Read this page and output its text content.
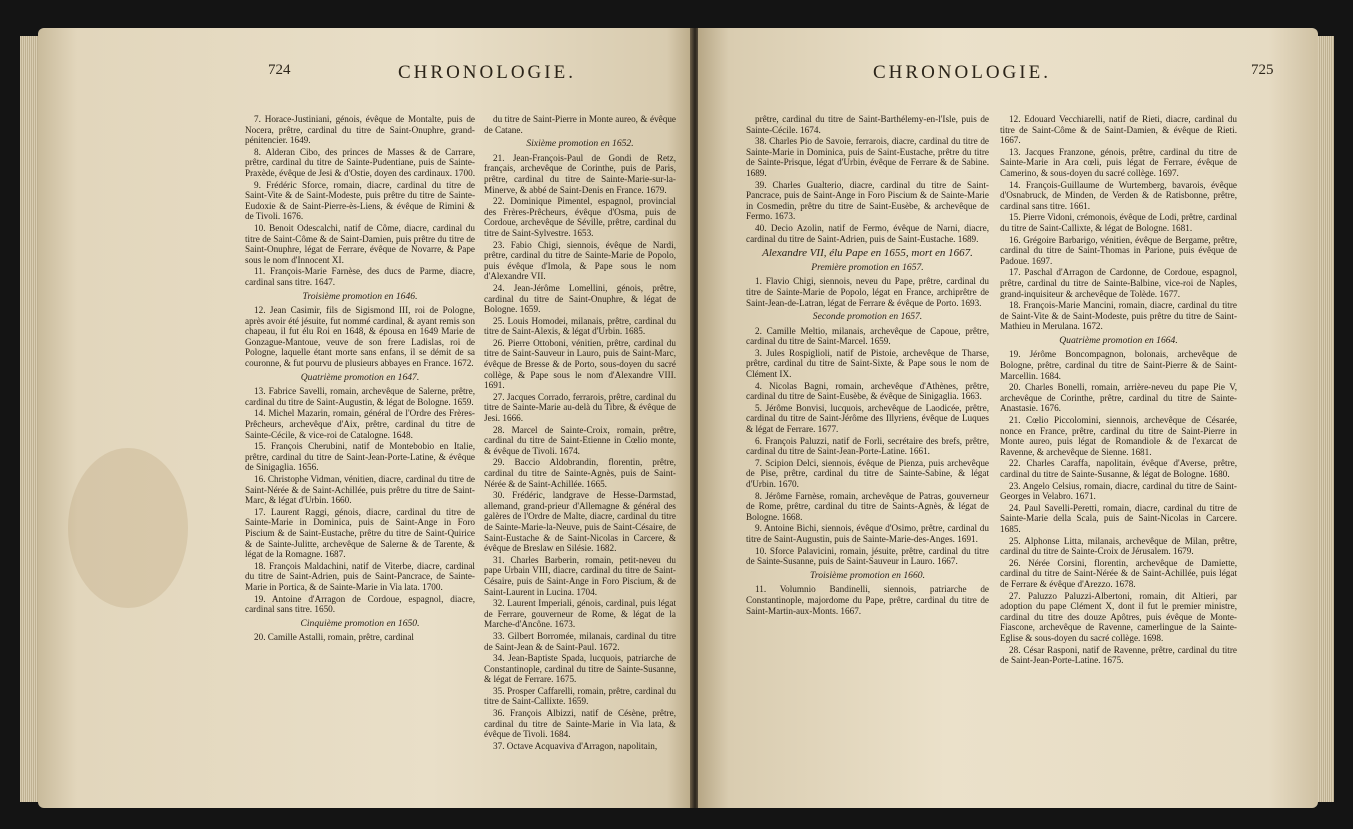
724	CHRONOLOGIE.

7. Horace-Justiniani, génois, évêque de Montalte, puis de Nocera, prêtre, cardinal du titre de Saint-Onuphre, grand-pénitencier. 1649.

8. Alderan Cibo, des princes de Masses & de Carrare, prêtre, cardinal du titre de Sainte-Pudentiane, puis de Sainte-Praxède, évêque de Jesi & d'Ostie, doyen des cardinaux. 1700.

9. Frédéric Sforce, romain, diacre, cardinal du titre de Saint-Vite & de Saint-Modeste, puis prêtre du titre de Sainte-Eudoxie & de Saint-Pierre-ès-Liens, & évêque de Rimini & de Tivoli. 1676.

10. Benoit Odescalchi, natif de Côme, diacre, cardinal du titre de Saint-Côme & de Saint-Damien, puis prêtre du titre de Saint-Onuphre, légat de Ferrare, évêque de Novarre, & Pape sous le nom d'Innocent XI.

11. François-Marie Farnèse, des ducs de Parme, diacre, cardinal sans titre. 1647.

Troisième promotion en 1646.

12. Jean Casimir, fils de Sigismond III, roi de Pologne, après avoir été jésuite, fut nommé cardinal, & ayant remis son chapeau, il fut élu Roi en 1648, & épousa en 1649 Marie de Gonzague-Mantoue, veuve de son frere Ladislas, roi de Pologne, laquelle étant morte sans enfans, il se démit de sa couronne, & fut pourvu de plusieurs abbayes en France. 1672.

Quatrième promotion en 1647.

13. Fabrice Savelli, romain, archevêque de Salerne, prêtre, cardinal du titre de Saint-Augustin, & légat de Bologne. 1659.

14. Michel Mazarin, romain, général de l'Ordre des Frères-Prêcheurs, archevêque d'Aix, prêtre, cardinal du titre de Sainte-Cécile, & vice-roi de Catalogne. 1648.

15. François Cherubini, natif de Montebobio en Italie, prêtre, cardinal du titre de Saint-Jean-Porte-Latine, & évêque de Sinigaglia. 1656.

16. Christophe Vidman, vénitien, diacre, cardinal du titre de Saint-Nérée & de Saint-Achillée, puis prêtre du titre de Saint-Marc, & légat d'Urbin. 1660.

17. Laurent Raggi, génois, diacre, cardinal du titre de Sainte-Marie in Dominica, puis de Saint-Ange in Foro Piscium & de Saint-Eustache, prêtre du titre de Saint-Quirice & de Sainte-Julitte, archevêque de Salerne & de Tarente, & légat de la Romagne. 1687.

18. François Maldachini, natif de Viterbe, diacre, cardinal du titre de Saint-Adrien, puis de Saint-Pancrace, de Sainte-Marie in Portica, & de Sainte-Marie in Via lata. 1700.

19. Antoine d'Arragon de Cordoue, espagnol, diacre, cardinal sans titre. 1650.

Cinquième promotion en 1650.

20. Camille Astalli, romain, prêtre, cardinal

du titre de Saint-Pierre in Monte aureo, & évêque de Catane.

Sixième promotion en 1652.

21. Jean-François-Paul de Gondi de Retz, français, archevêque de Corinthe, puis de Paris, prêtre, cardinal du titre de Sainte-Marie-sur-la-Minerve, & abbé de Saint-Denis en France. 1679.

22. Dominique Pimentel, espagnol, provincial des Frères-Prêcheurs, évêque d'Osma, puis de Cordoue, archevêque de Séville, prêtre, cardinal du titre de Saint-Sylvestre. 1653.

23. Fabio Chigi, siennois, évêque de Nardi, prêtre, cardinal du titre de Sainte-Marie de Popolo, puis évêque d'Imola, & Pape sous le nom d'Alexandre VII.

24. Jean-Jérôme Lomellini, génois, prêtre, cardinal du titre de Saint-Onuphre, & légat de Bologne. 1659.

25. Louis Homodei, milanais, prêtre, cardinal du titre de Saint-Alexis, & légat d'Urbin. 1685.

26. Pierre Ottoboni, vénitien, prêtre, cardinal du titre de Saint-Sauveur in Lauro, puis de Saint-Marc, évêque de Bresse & de Porto, sous-doyen du sacré collège, & Pape sous le nom d'Alexandre VIII. 1691.

27. Jacques Corrado, ferrarois, prêtre, cardinal du titre de Sainte-Marie au-delà du Tibre, & évêque de Jesi. 1666.

28. Marcel de Sainte-Croix, romain, prêtre, cardinal du titre de Saint-Etienne in Cœlio monte, & évêque de Tivoli. 1674.

29. Baccio Aldobrandin, florentin, prêtre, cardinal du titre de Sainte-Agnès, puis de Saint-Nérée & de Saint-Achillée. 1665.

30. Frédéric, landgrave de Hesse-Darmstad, allemand, grand-prieur d'Allemagne & général des galères de l'Ordre de Malte, diacre, cardinal du titre de Sainte-Marie-la-Neuve, puis de Saint-Césaire, de Saint-Eustache & de Saint-Nicolas in Carcere, & évêque de Breslaw en Silésie. 1682.

31. Charles Barberin, romain, petit-neveu du pape Urbain VIII, diacre, cardinal du titre de Saint-Césaire, puis de Saint-Ange in Foro Piscium, & de Saint-Laurent in Lucina. 1704.

32. Laurent Imperiali, génois, cardinal, puis légat de Ferrare, gouverneur de Rome, & légat de la Marche-d'Ancône. 1673.

33. Gilbert Borromée, milanais, cardinal du titre de Saint-Jean & de Saint-Paul. 1672.

34. Jean-Baptiste Spada, lucquois, patriarche de Constantinople, cardinal du titre de Sainte-Susanne, & légat de Ferrare. 1675.

35. Prosper Caffarelli, romain, prêtre, cardinal du titre de Saint-Callixte. 1659.

36. François Albizzi, natif de Césène, prêtre, cardinal du titre de Sainte-Marie in Via lata, & évêque de Tivoli. 1684.

37. Octave Acquaviva d'Arragon, napolitain,

CHRONOLOGIE.	725

prêtre, cardinal du titre de Saint-Barthélemy-en-l'Isle, puis de Sainte-Cécile. 1674.

38. Charles Pio de Savoie, ferrarois, diacre, cardinal du titre de Sainte-Marie in Dominica, puis de Saint-Eustache, prêtre du titre de Sainte-Prisque, légat d'Urbin, évêque de Ferrare & de Sabine. 1689.

39. Charles Gualterio, diacre, cardinal du titre de Saint-Pancrace, puis de Saint-Ange in Foro Piscium & de Sainte-Marie in Cosmedin, prêtre du titre de Saint-Eusèbe, & archevêque de Fermo. 1673.

40. Decio Azolin, natif de Fermo, évêque de Narni, diacre, cardinal du titre de Saint-Adrien, puis de Saint-Eustache. 1689.

Alexandre VII, élu Pape en 1655, mort en 1667.

Première promotion en 1657.

1. Flavio Chigi, siennois, neveu du Pape, prêtre, cardinal du titre de Sainte-Marie de Popolo, légat en France, archiprêtre de Saint-Jean-de-Latran, légat de Ferrare & évêque de Porto. 1693.

Seconde promotion en 1657.

2. Camille Meltio, milanais, archevêque de Capoue, prêtre, cardinal du titre de Saint-Marcel. 1659.

3. Jules Rospiglioli, natif de Pistoie, archevêque de Tharse, prêtre, cardinal du titre de Saint-Sixte, & Pape sous le nom de Clément IX.

4. Nicolas Bagni, romain, archevêque d'Athènes, prêtre, cardinal du titre de Saint-Eusèbe, & évêque de Sinigaglia. 1663.

5. Jérôme Bonvisi, lucquois, archevêque de Laodicée, prêtre, cardinal du titre de Saint-Jérôme des Illyriens, évêque de Luques & légat de Ferrare. 1677.

6. François Paluzzi, natif de Forli, secrétaire des brefs, prêtre, cardinal du titre de Saint-Jean-Porte-Latine. 1661.

7. Scipion Delci, siennois, évêque de Pienza, puis archevêque de Pise, prêtre, cardinal du titre de Sainte-Sabine, & légat d'Urbin. 1670.

8. Jérôme Farnèse, romain, archevêque de Patras, gouverneur de Rome, prêtre, cardinal du titre de Saints-Agnès, & légat de Bologne. 1668.

9. Antoine Bichi, siennois, évêque d'Osimo, prêtre, cardinal du titre de Saint-Augustin, puis de Sainte-Marie-des-Anges. 1691.

10. Sforce Palavicini, romain, jésuite, prêtre, cardinal du titre de Sainte-Susanne, puis de Saint-Sauveur in Lauro. 1667.

Troisième promotion en 1660.

11. Volumnio Bandinelli, siennois, patriarche de Constantinople, majordome du Pape, prêtre, cardinal du titre de Saint-Martin-aux-Monts. 1667.

12. Edouard Vecchiarelli, natif de Rieti, diacre, cardinal du titre de Saint-Côme & de Saint-Damien, & évêque de Rieti. 1667.

13. Jacques Franzone, génois, prêtre, cardinal du titre de Sainte-Marie in Ara cœli, puis légat de Ferrare, évêque de Camerino, & sous-doyen du sacré collège. 1697.

14. François-Guillaume de Wurtemberg, bavarois, évêque d'Osnabruck, de Minden, de Verden & de Ratisbonne, prêtre, cardinal sans titre. 1661.

15. Pierre Vidoni, crémonois, évêque de Lodi, prêtre, cardinal du titre de Saint-Callixte, & légat de Bologne. 1681.

16. Grégoire Barbarigo, vénitien, évêque de Bergame, prêtre, cardinal du titre de Saint-Thomas in Parione, puis évêque de Padoue. 1697.

17. Paschal d'Arragon de Cardonne, de Cordoue, espagnol, prêtre, cardinal du titre de Sainte-Balbine, vice-roi de Naples, grand-inquisiteur & archevêque de Tolède. 1677.

18. François-Marie Mancini, romain, diacre, cardinal du titre de Saint-Vite & de Saint-Modeste, puis prêtre du titre de Saint-Mathieu in Merulana. 1672.

Quatrième promotion en 1664.

19. Jérôme Boncompagnon, bolonais, archevêque de Bologne, prêtre, cardinal du titre de Saint-Pierre & de Saint-Marcellin. 1684.

20. Charles Bonelli, romain, arrière-neveu du pape Pie V, archevêque de Corinthe, prêtre, cardinal du titre de Sainte-Anastasie. 1676.

21. Cœlio Piccolomini, siennois, archevêque de Césarée, nonce en France, prêtre, cardinal du titre de Saint-Pierre in Monte aureo, puis légat de Romandiole & de l'exarcat de Ravenne, & archevêque de Sienne. 1681.

22. Charles Caraffa, napolitain, évêque d'Averse, prêtre, cardinal du titre de Sainte-Susanne, & légat de Bologne. 1680.

23. Angelo Celsius, romain, diacre, cardinal du titre de Saint-Georges in Velabro. 1671.

24. Paul Savelli-Peretti, romain, diacre, cardinal du titre de Sainte-Marie della Scala, puis de Saint-Nicolas in Carcere. 1685.

25. Alphonse Litta, milanais, archevêque de Milan, prêtre, cardinal du titre de Sainte-Croix de Jérusalem. 1679.

26. Nérée Corsini, florentin, archevêque de Damiette, cardinal du titre de Saint-Nérée & de Saint-Achillée, puis légat de Ferrare & évêque d'Arezzo. 1678.

27. Paluzzo Paluzzi-Albertoni, romain, dit Altieri, par adoption du pape Clément X, dont il fut le premier ministre, cardinal du titre des douze Apôtres, puis évêque de Monte-Fiascone, archevêque de Ravenne, camerlingue de la Sainte-Eglise & sous-doyen du sacré collège. 1698.

28. César Rasponi, natif de Ravenne, prêtre, cardinal du titre de Saint-Jean-Porte-Latine. 1675.
